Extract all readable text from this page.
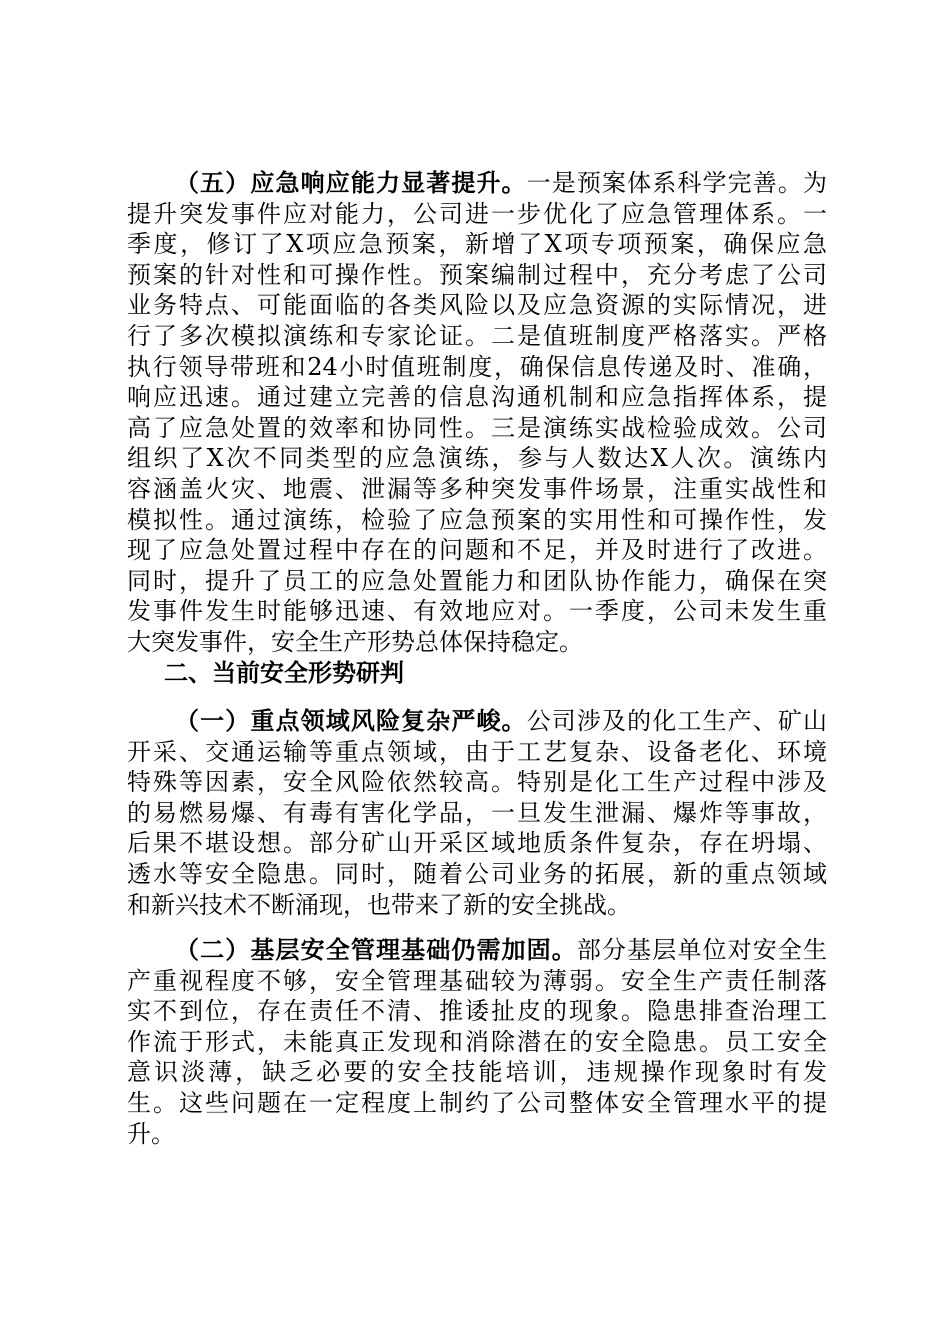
（五）应急响应能力显著提升。一是预案体系科学完善。为
提升突发事件应对能力，公司进一步优化了应急管理体系。一
季度，修订了X项应急预案，新增了X项专项预案，确保应急
预案的针对性和可操作性。预案编制过程中，充分考虑了公司
业务特点、可能面临的各类风险以及应急资源的实际情况，进
行了多次模拟演练和专家论证。二是值班制度严格落实。严格
执行领导带班和24小时值班制度，确保信息传递及时、准确，
响应迅速。通过建立完善的信息沟通机制和应急指挥体系，提
高了应急处置的效率和协同性。三是演练实战检验成效。公司
组织了X次不同类型的应急演练，参与人数达X人次。演练内
容涵盖火灾、地震、泄漏等多种突发事件场景，注重实战性和
模拟性。通过演练，检验了应急预案的实用性和可操作性，发
现了应急处置过程中存在的问题和不足，并及时进行了改进。
同时，提升了员工的应急处置能力和团队协作能力，确保在突
发事件发生时能够迅速、有效地应对。一季度，公司未发生重
大突发事件，安全生产形势总体保持稳定。
二、当前安全形势研判
（一）重点领域风险复杂严峻。公司涉及的化工生产、矿山
开采、交通运输等重点领域，由于工艺复杂、设备老化、环境
特殊等因素，安全风险依然较高。特别是化工生产过程中涉及
的易燃易爆、有毒有害化学品，一旦发生泄漏、爆炸等事故，
后果不堪设想。部分矿山开采区域地质条件复杂，存在坍塌、
透水等安全隐患。同时，随着公司业务的拓展，新的重点领域
和新兴技术不断涌现，也带来了新的安全挑战。
（二）基层安全管理基础仍需加固。部分基层单位对安全生
产重视程度不够，安全管理基础较为薄弱。安全生产责任制落
实不到位，存在责任不清、推诿扯皮的现象。隐患排查治理工
作流于形式，未能真正发现和消除潜在的安全隐患。员工安全
意识淡薄，缺乏必要的安全技能培训，违规操作现象时有发
生。这些问题在一定程度上制约了公司整体安全管理水平的提
升。
